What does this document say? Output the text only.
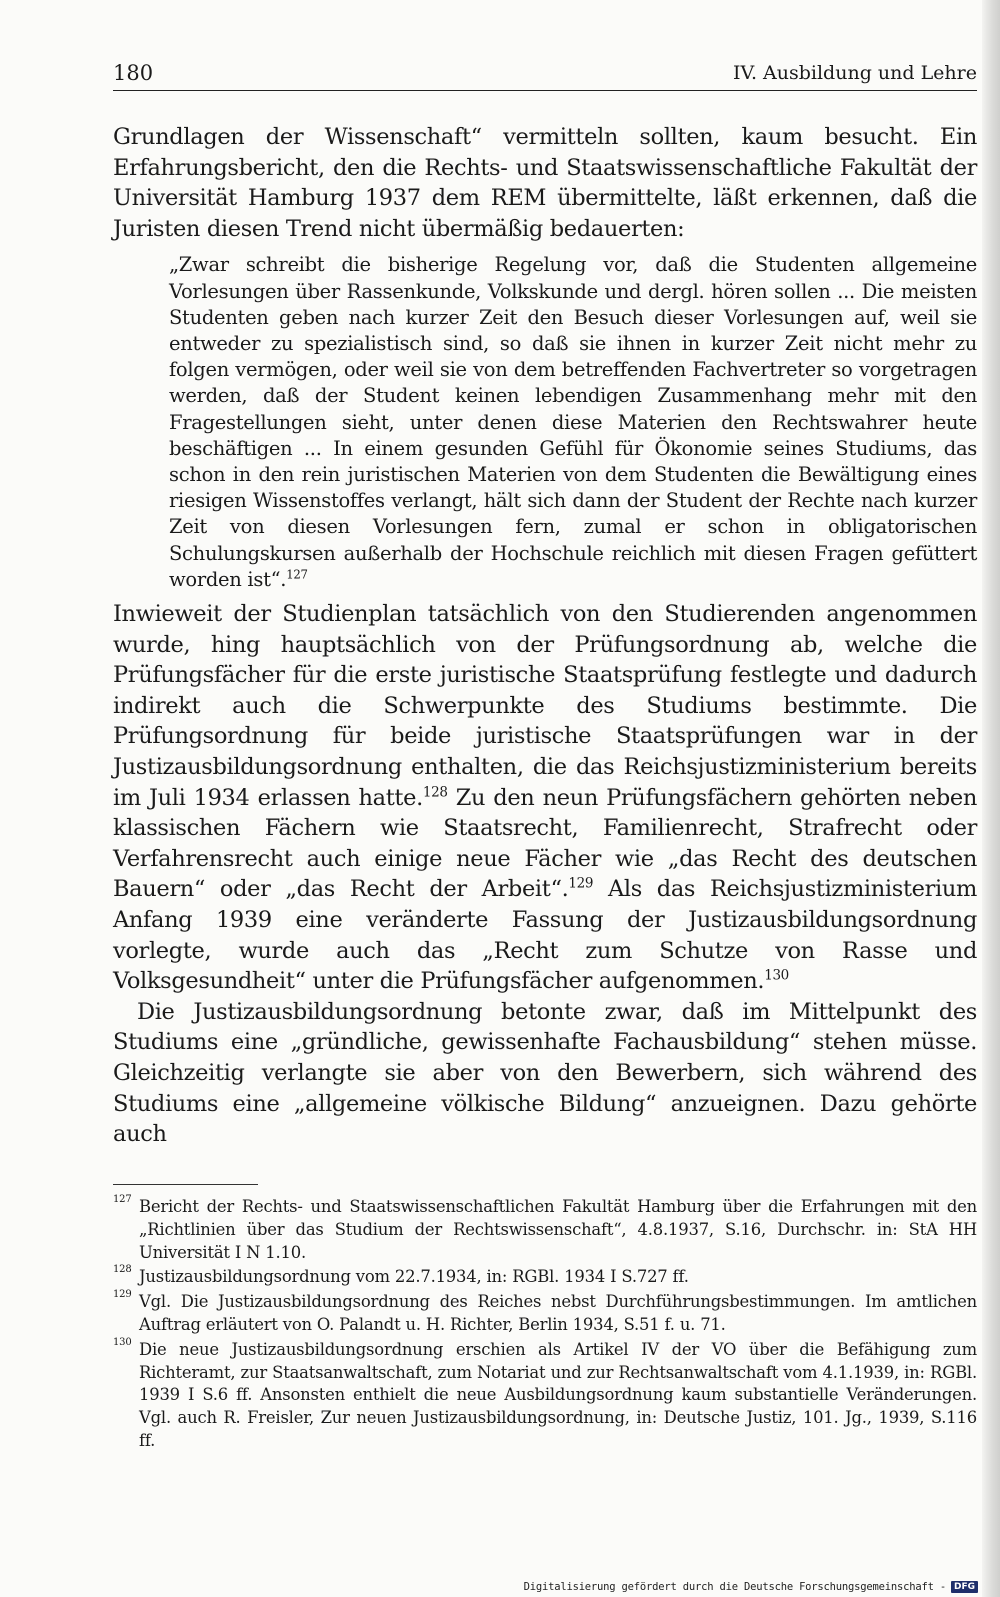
180	IV. Ausbildung und Lehre

Grundlagen der Wissenschaft“ vermitteln sollten, kaum besucht. Ein Erfahrungsbericht, den die Rechts- und Staatswissenschaftliche Fakultät der Universität Hamburg 1937 dem REM übermittelte, läßt erkennen, daß die Juristen diesen Trend nicht übermäßig bedauerten:

„Zwar schreibt die bisherige Regelung vor, daß die Studenten allgemeine Vorlesungen über Rassenkunde, Volkskunde und dergl. hören sollen ... Die meisten Studenten geben nach kurzer Zeit den Besuch dieser Vorlesungen auf, weil sie entweder zu spezialistisch sind, so daß sie ihnen in kurzer Zeit nicht mehr zu folgen vermögen, oder weil sie von dem betreffenden Fachvertreter so vorgetragen werden, daß der Student keinen lebendigen Zusammenhang mehr mit den Fragestellungen sieht, unter denen diese Materien den Rechtswahrer heute beschäftigen ... In einem gesunden Gefühl für Ökonomie seines Studiums, das schon in den rein juristischen Materien von dem Studenten die Bewältigung eines riesigen Wissenstoffes verlangt, hält sich dann der Student der Rechte nach kurzer Zeit von diesen Vorlesungen fern, zumal er schon in obligatorischen Schulungskursen außerhalb der Hochschule reichlich mit diesen Fragen gefüttert worden ist“.$^{127}$

Inwieweit der Studienplan tatsächlich von den Studierenden angenommen wurde, hing hauptsächlich von der Prüfungsordnung ab, welche die Prüfungsfächer für die erste juristische Staatsprüfung festlegte und dadurch indirekt auch die Schwerpunkte des Studiums bestimmte. Die Prüfungsordnung für beide juristische Staatsprüfungen war in der Justizausbildungsordnung enthalten, die das Reichsjustizministerium bereits im Juli 1934 erlassen hatte.$^{128}$ Zu den neun Prüfungsfächern gehörten neben klassischen Fächern wie Staatsrecht, Familienrecht, Strafrecht oder Verfahrensrecht auch einige neue Fächer wie „das Recht des deutschen Bauern“ oder „das Recht der Arbeit“.$^{129}$ Als das Reichsjustizministerium Anfang 1939 eine veränderte Fassung der Justizausbildungsordnung vorlegte, wurde auch das „Recht zum Schutze von Rasse und Volksgesundheit“ unter die Prüfungsfächer aufgenommen.$^{130}$

Die Justizausbildungsordnung betonte zwar, daß im Mittelpunkt des Studiums eine „gründliche, gewissenhafte Fachausbildung“ stehen müsse. Gleichzeitig verlangte sie aber von den Bewerbern, sich während des Studiums eine „allgemeine völkische Bildung“ anzueignen. Dazu gehörte auch

127 Bericht der Rechts- und Staatswissenschaftlichen Fakultät Hamburg über die Erfahrungen mit den „Richtlinien über das Studium der Rechtswissenschaft“, 4.8.1937, S.16, Durchschr. in: StA HH Universität I N 1.10.
128 Justizausbildungsordnung vom 22.7.1934, in: RGBl. 1934 I S.727 ff.
129 Vgl. Die Justizausbildungsordnung des Reiches nebst Durchführungsbestimmungen. Im amtlichen Auftrag erläutert von O. Palandt u. H. Richter, Berlin 1934, S.51 f. u. 71.
130 Die neue Justizausbildungsordnung erschien als Artikel IV der VO über die Befähigung zum Richteramt, zur Staatsanwaltschaft, zum Notariat und zur Rechtsanwaltschaft vom 4.1.1939, in: RGBl. 1939 I S.6 ff. Ansonsten enthielt die neue Ausbildungsordnung kaum substantielle Veränderungen. Vgl. auch R. Freisler, Zur neuen Justizausbildungsordnung, in: Deutsche Justiz, 101. Jg., 1939, S.116 ff.
Digitalisierung gefördert durch die Deutsche Forschungsgemeinschaft - DFG
